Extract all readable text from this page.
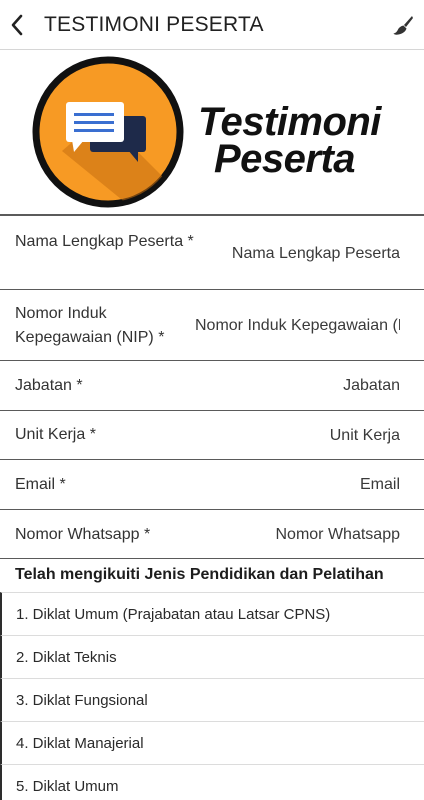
TESTIMONI PESERTA
Testimoni
Peserta
Nama Lengkap Peserta *
Nama Lengkap Peserta
Nomor Induk Kepegawaian (NIP) *
Nomor Induk Kepegawaian (NIP)
Jabatan *
Jabatan
Unit Kerja *
Unit Kerja
Email *
Email
Nomor Whatsapp *
Nomor Whatsapp
Telah mengikuiti Jenis Pendidikan dan Pelatihan
1. Diklat Umum (Prajabatan atau Latsar CPNS)
2. Diklat Teknis
3. Diklat Fungsional
4. Diklat Manajerial
5. Diklat Umum
